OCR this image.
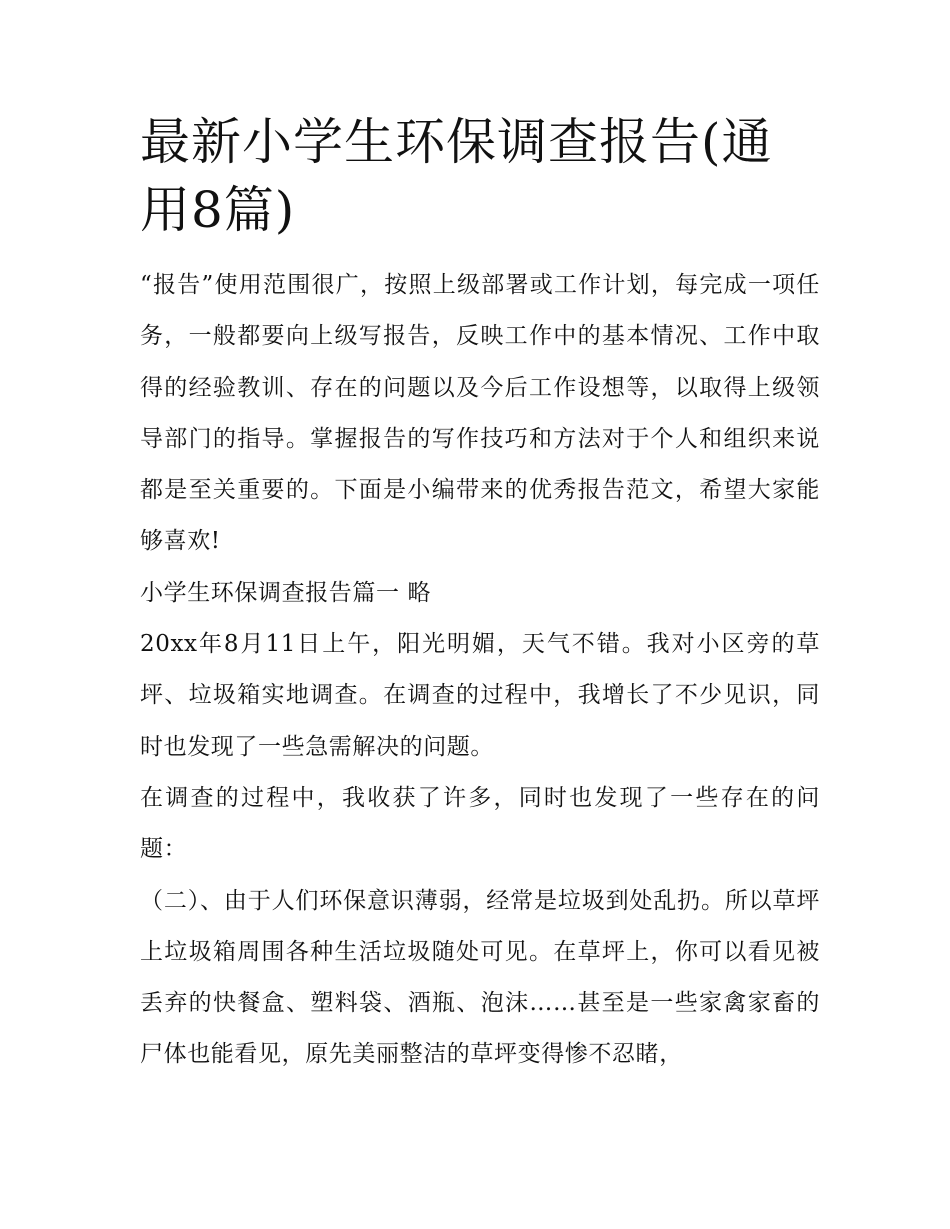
最新小学生环保调查报告(通用8篇)

“报告”使用范围很广，按照上级部署或工作计划，每完成一项任务，一般都要向上级写报告，反映工作中的基本情况、工作中取得的经验教训、存在的问题以及今后工作设想等，以取得上级领导部门的指导。掌握报告的写作技巧和方法对于个人和组织来说都是至关重要的。下面是小编带来的优秀报告范文，希望大家能够喜欢!

小学生环保调查报告篇一 略

20xx年8月11日上午，阳光明媚，天气不错。我对小区旁的草坪、垃圾箱实地调查。在调查的过程中，我增长了不少见识，同时也发现了一些急需解决的问题。

在调查的过程中，我收获了许多，同时也发现了一些存在的问题：

（二）、由于人们环保意识薄弱，经常是垃圾到处乱扔。所以草坪上垃圾箱周围各种生活垃圾随处可见。在草坪上，你可以看见被丢弃的快餐盒、塑料袋、酒瓶、泡沫……甚至是一些家禽家畜的尸体也能看见，原先美丽整洁的草坪变得惨不忍睹，
